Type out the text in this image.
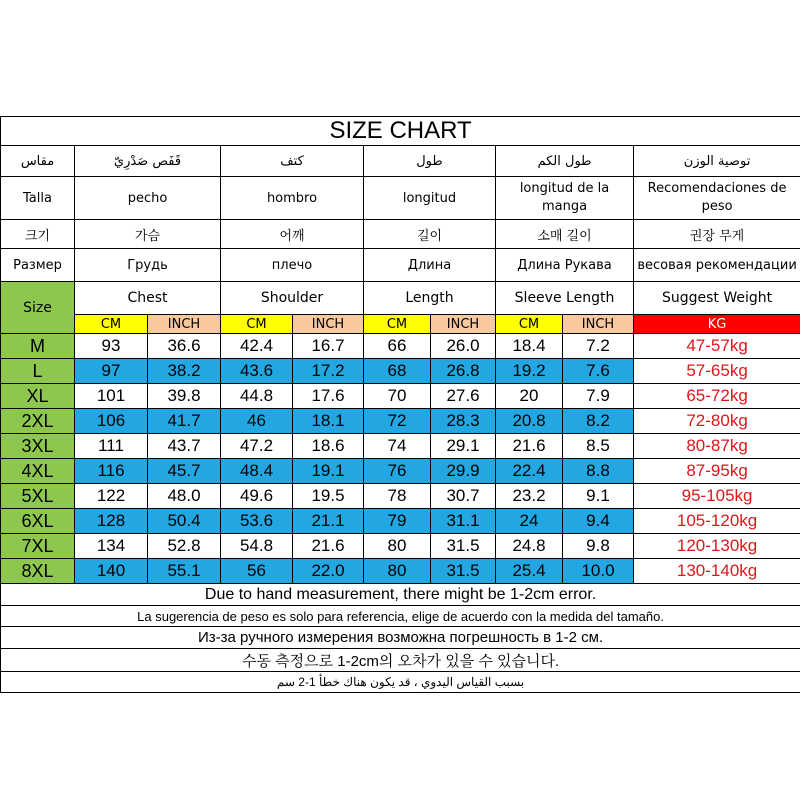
SIZE CHART									
مقاس	قَفَص صَدْرِيّ		كتف		طول		طول الكم		توصية الوزن
Talla	pecho		hombro		longitud		longitud de la manga		Recomendaciones de peso
크기	가슴		어깨		길이		소매 길이		권장 무게
Размер	Грудь		плечо		Длина		Длина Рукава		весовая рекомендации
Size	Chest		Shoulder		Length		Sleeve Length		Suggest Weight
	CM	INCH	CM	INCH	CM	INCH	CM	INCH	KG
M	93	36.6	42.4	16.7	66	26.0	18.4	7.2	47-57kg
L	97	38.2	43.6	17.2	68	26.8	19.2	7.6	57-65kg
XL	101	39.8	44.8	17.6	70	27.6	20	7.9	65-72kg
2XL	106	41.7	46	18.1	72	28.3	20.8	8.2	72-80kg
3XL	111	43.7	47.2	18.6	74	29.1	21.6	8.5	80-87kg
4XL	116	45.7	48.4	19.1	76	29.9	22.4	8.8	87-95kg
5XL	122	48.0	49.6	19.5	78	30.7	23.2	9.1	95-105kg
6XL	128	50.4	53.6	21.1	79	31.1	24	9.4	105-120kg
7XL	134	52.8	54.8	21.6	80	31.5	24.8	9.8	120-130kg
8XL	140	55.1	56	22.0	80	31.5	25.4	10.0	130-140kg
Due to hand measurement, there might be 1-2cm error.									
La sugerencia de peso es solo para referencia, elige de acuerdo con la medida del tamaño.									
Из-за ручного измерения возможна погрешность в 1-2 см.									
수동 측정으로 1-2cm의 오차가 있을 수 있습니다.									
بسبب القياس اليدوي ، قد يكون هناك خطأ 1-2 سم									
